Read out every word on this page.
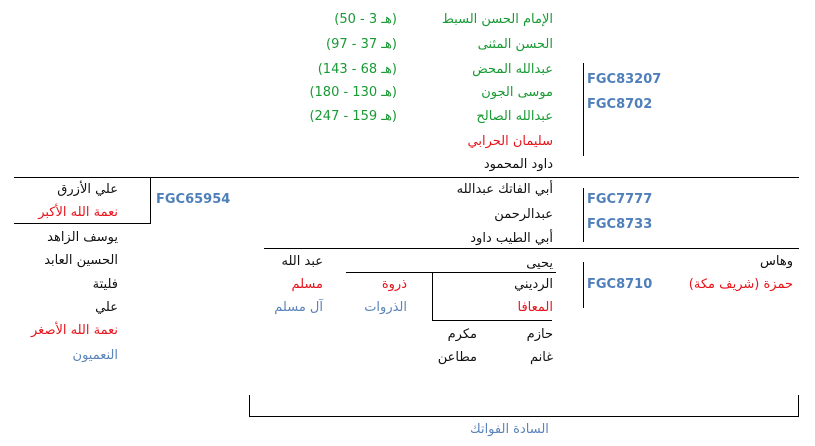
الإمام الحسن السبط
(50 - 3 هـ)
الحسن المثنى
(97 - 37 هـ)
عبدالله المحض
(143 - 68 هـ)
موسى الجون
(180 - 130 هـ)
عبدالله الصالح
(247 - 159 هـ)
سليمان الحرابي
داود المحمود
FGC83207
FGC8702
FGC65954
علي الأزرق
نعمة الله الأكبر
يوسف الزاهد
الحسين العابد
فليتة
علي
نعمة الله الأصغر
النعميون
أبي الفاتك عبدالله
عبدالرحمن
أبي الطيب داود
FGC7777
FGC8733
FGC8710
وهاس
حمزة (شريف مكة)
يحيى
عبد الله
مسلم
آل مسلم
ذروة
الذروات
الرديني
المعافا
حازم
مكرم
غانم
مطاعن
السادة الفواتك
